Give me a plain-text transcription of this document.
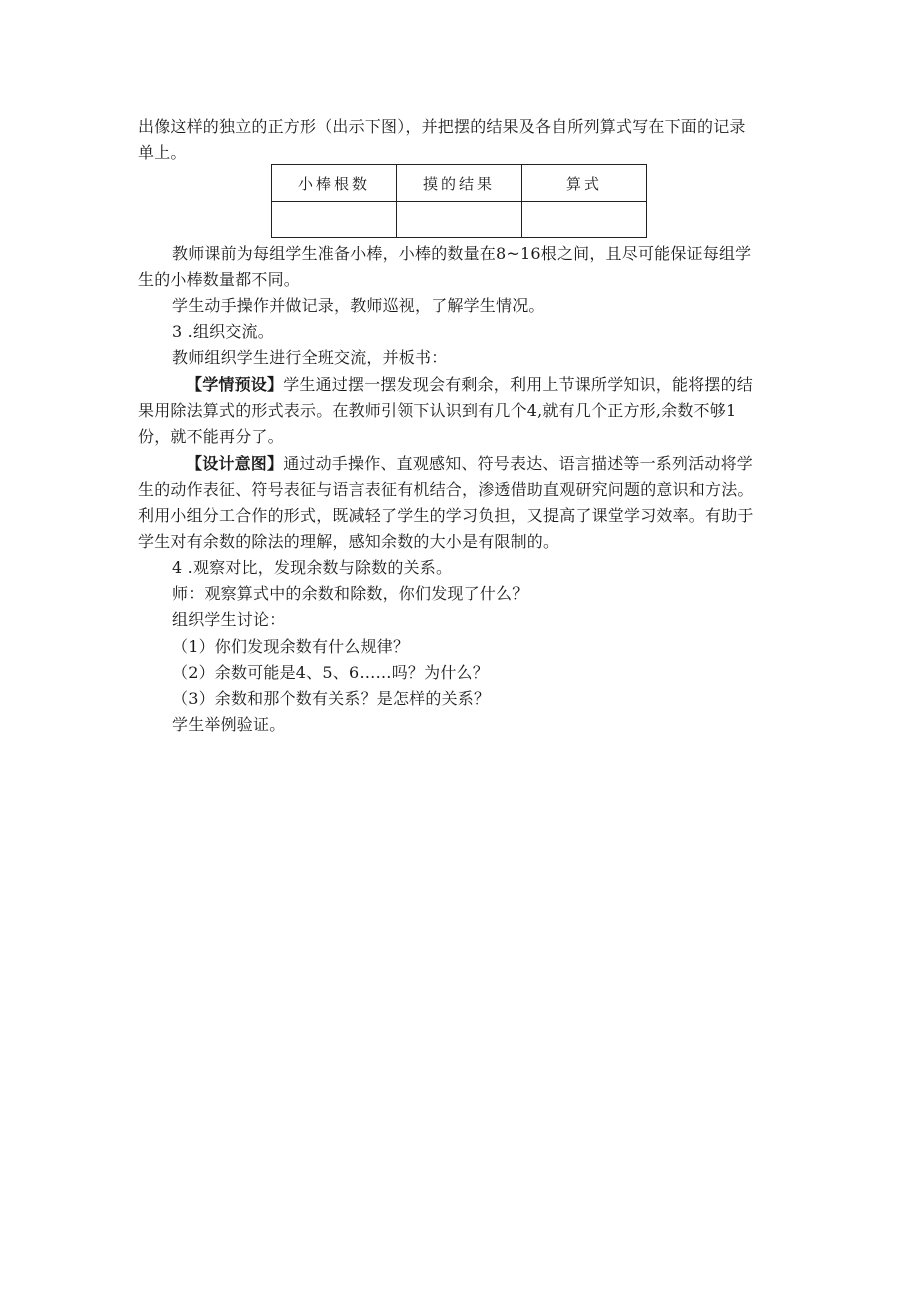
出像这样的独立的正方形（出示下图），并把摆的结果及各自所列算式写在下面的记录
单上。
小棒根数	摸的结果	算式

教师课前为每组学生准备小棒，小棒的数量在8~16根之间，且尽可能保证每组学
生的小棒数量都不同。
学生动手操作并做记录，教师巡视，了解学生情况。
3 .组织交流。
教师组织学生进行全班交流，并板书：
【学情预设】学生通过摆一摆发现会有剩余，利用上节课所学知识，能将摆的结
果用除法算式的形式表示。在教师引领下认识到有几个4,就有几个正方形,余数不够1
份，就不能再分了。
【设计意图】通过动手操作、直观感知、符号表达、语言描述等一系列活动将学
生的动作表征、符号表征与语言表征有机结合，渗透借助直观研究问题的意识和方法。
利用小组分工合作的形式，既减轻了学生的学习负担，又提高了课堂学习效率。有助于
学生对有余数的除法的理解，感知余数的大小是有限制的。
4 .观察对比，发现余数与除数的关系。
师：观察算式中的余数和除数，你们发现了什么？
组织学生讨论：
（1）你们发现余数有什么规律？
（2）余数可能是4、5、6……吗？为什么？
（3）余数和那个数有关系？是怎样的关系？
学生举例验证。
